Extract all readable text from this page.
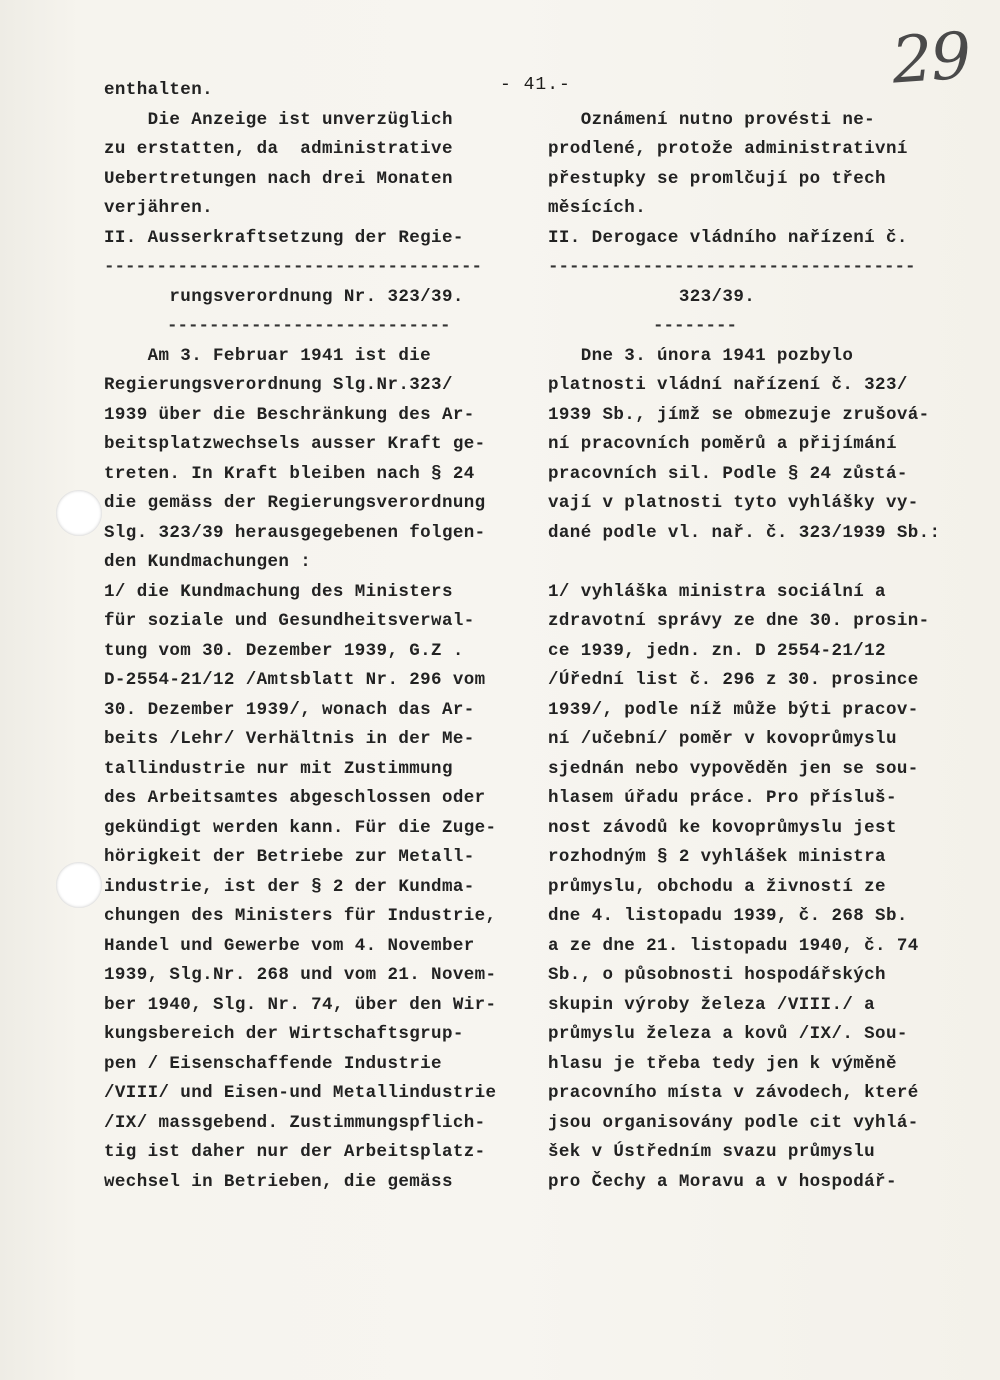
29
- 41.-
enthalten.
Die Anzeige ist unverzüglich
zu erstatten, da  administrative
Uebertretungen nach drei Monaten
verjähren.
II. Ausserkraftsetzung der Regie-
------------------------------------
rungsverordnung Nr. 323/39.
---------------------------
Am 3. Februar 1941 ist die
Regierungsverordnung Slg.Nr.323/
1939 über die Beschränkung des Ar-
beitsplatzwechsels ausser Kraft ge-
treten. In Kraft bleiben nach § 24
die gemäss der Regierungsverordnung
Slg. 323/39 herausgegebenen folgen-
den Kundmachungen :
1/ die Kundmachung des Ministers
für soziale und Gesundheitsverwal-
tung vom 30. Dezember 1939, G.Z .
D-2554-21/12 /Amtsblatt Nr. 296 vom
30. Dezember 1939/, wonach das Ar-
beits /Lehr/ Verhältnis in der Me-
tallindustrie nur mit Zustimmung
des Arbeitsamtes abgeschlossen oder
gekündigt werden kann. Für die Zuge-
hörigkeit der Betriebe zur Metall-
industrie, ist der § 2 der Kundma-
chungen des Ministers für Industrie,
Handel und Gewerbe vom 4. November
1939, Slg.Nr. 268 und vom 21. Novem-
ber 1940, Slg. Nr. 74, über den Wir-
kungsbereich der Wirtschaftsgrup-
pen / Eisenschaffende Industrie
/VIII/ und Eisen-und Metallindustrie
/IX/ massgebend. Zustimmungspflich-
tig ist daher nur der Arbeitsplatz-
wechsel in Betrieben, die gemäss
Oznámení nutno provésti ne-
prodlené, protože administrativní
přestupky se promlčují po třech
měsících.
II. Derogace vládního nařízení č.
-----------------------------------
323/39.
--------
Dne 3. února 1941 pozbylo
platnosti vládní nařízení č. 323/
1939 Sb., jímž se obmezuje zrušová-
ní pracovních poměrů a přijímání
pracovních sil. Podle § 24 zůstá-
vají v platnosti tyto vyhlášky vy-
dané podle vl. nař. č. 323/1939 Sb.:
1/ vyhláška ministra sociální a
zdravotní správy ze dne 30. prosin-
ce 1939, jedn. zn. D 2554-21/12
/Úřední list č. 296 z 30. prosince
1939/, podle níž může býti pracov-
ní /učební/ poměr v kovoprůmyslu
sjednán nebo vypověděn jen se sou-
hlasem úřadu práce. Pro přísluš-
nost závodů ke kovoprůmyslu jest
rozhodným § 2 vyhlášek ministra
průmyslu, obchodu a živností ze
dne 4. listopadu 1939, č. 268 Sb.
a ze dne 21. listopadu 1940, č. 74
Sb., o působnosti hospodářských
skupin výroby železa /VIII./ a
průmyslu železa a kovů /IX/. Sou-
hlasu je třeba tedy jen k výměně
pracovního místa v závodech, které
jsou organisovány podle cit vyhlá-
šek v Ústředním svazu průmyslu
pro Čechy a Moravu a v hospodář-
